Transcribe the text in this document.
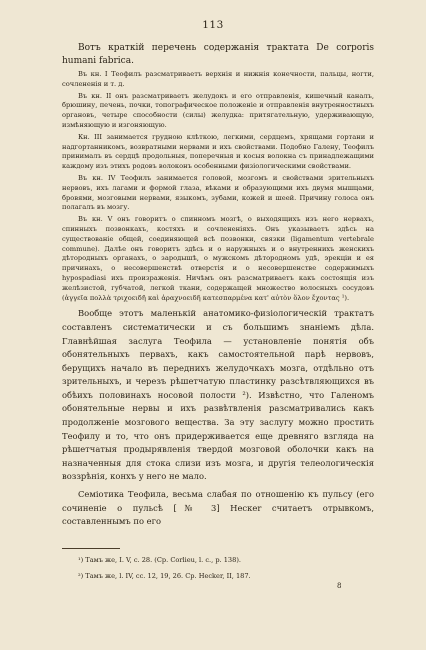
113

Вотъ краткій перечень содержанія трактата De corporis humani fabrica.

Въ кн. I Теофилъ разсматриваетъ верхнія и нижнія конечности, пальцы, ногти, сочлененія и т. д.

Въ кн. II онъ разсматриваетъ желудокъ и его отправленія, кишечный каналъ, брюшину, печень, почки, топографическое положеніе и отправленія внутренностныхъ органовъ, четыре способности (силы) желудка: притягательную, удерживающую, измѣняющую и изгоняющую.

Кн. III занимается грудною клѣткою, легкими, сердцемъ, хрящами гортани и надгортанникомъ, возвратными нервами и ихъ свойствами. Подобно Галену, Теофилъ принималъ въ сердцѣ продольныя, поперечныя и косыя волокна съ принадлежащими каждому изъ этихъ родовъ волоконъ особенными физіологическими свойствами.

Въ кн. IV Теофилъ занимается головой, мозгомъ и свойствами зрительныхъ нервовъ, ихъ лагами и формой глаза, вѣками и образующими ихъ двумя мышцами, бровями, мозговыми нервами, языкомъ, зубами, кожей и шеей. Причину голоса онъ полагалъ въ мозгу.

Въ кн. V онъ говоритъ о спинномъ мозгѣ, о выходящихъ изъ него нервахъ, спинныхъ позвонкахъ, костяхъ и сочлененіяхъ. Онъ указываетъ здѣсь на существованіе общей, соединяющей всѣ позвонки, связки (ligamentum vertebrale commune). Далѣе онъ говоритъ здѣсь и о наружныхъ и о внутреннихъ женскихъ дѣтородныхъ органахъ, о зародышѣ, о мужскомъ дѣтородномъ удѣ, эрекціи и ея причинахъ, о несовершенствѣ отверстія и о несовершенстве содержимыхъ hypospadiasi ихъ произраженія. Ничѣмъ онъ разсматриваетъ какъ состоящія изъ желѣзистой, губчатой, легкой ткани, содержащей множество волосныхъ сосудовъ (ἀγγεῖα πολλὰ τριχοειδῆ καὶ ἀραχνοειδῆ κατεσπαρμένα κατ' αὐτὸν ὅλον ἔχοντας ¹).

Вообще этотъ маленькій анатомико-физіологическій трактатъ составленъ систематически и съ большимъ знаніемъ дѣла. Главнѣйшая заслуга Теофила — установленіе понятія объ обонятельныхъ первахъ, какъ самостоятельной парѣ нервовъ, берущихъ начало въ переднихъ желудочкахъ мозга, отдѣльно отъ зрительныхъ, и черезъ рѣшетчатую пластинку разсѣтвляющихся въ обѣихъ половинахъ носовой полости ²). Извѣстно, что Галеномъ обонятельные нервы и ихъ развѣтвленія разсматривались какъ продолженіе мозгового вещества. За эту заслугу можно простить Теофилу и то, что онъ придерживается еще древняго взгляда на рѣшетчатыя продырявленія твердой мозговой оболочки какъ на назначенныя для стока слизи изъ мозга, и другія телеологическія воззрѣнія, конхъ у него не мало.

Семіотика Теофила, весьма слабая по отношенію къ пульсу (его сочиненіе о пульсѣ [№ 3] Нескеr считаетъ отрывкомъ, составленнымъ по его

¹) Тамъ же, I. V, c. 28. (Ср. Corlieu, l. c., p. 138).

²) Тамъ же, l. IV, cc. 12, 19, 26. Ср. Hecker, II, 187.

8
